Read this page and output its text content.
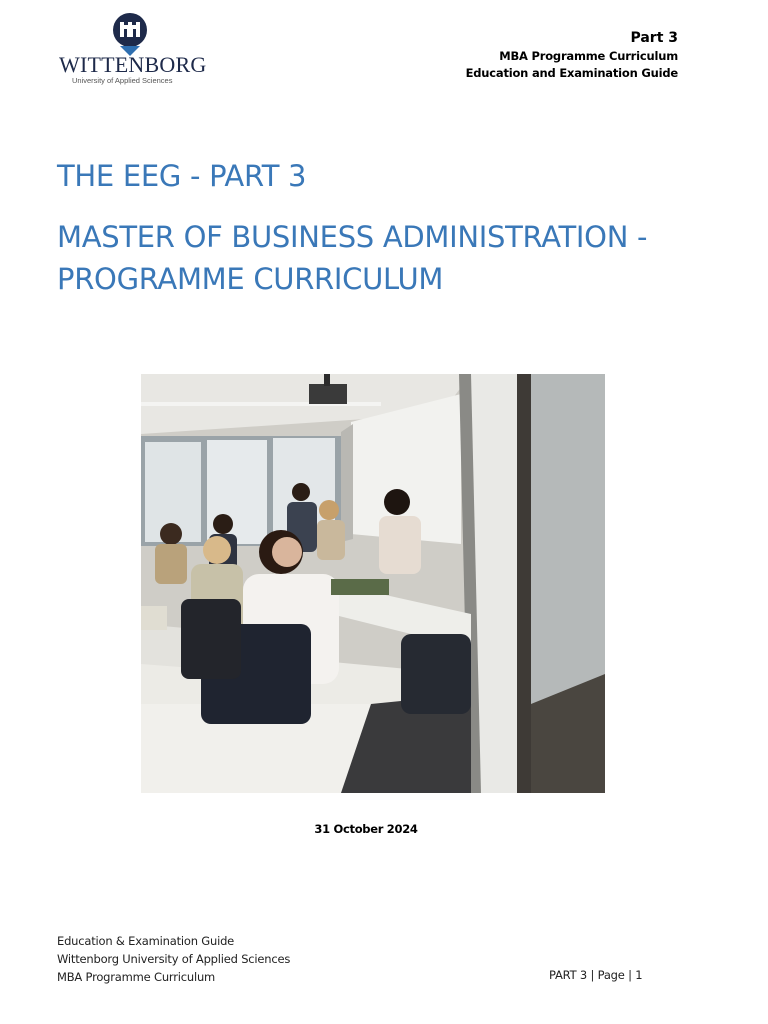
WITTENBORG
University of Applied Sciences
Part 3
MBA Programme Curriculum
Education and Examination Guide
THE EEG - PART 3
MASTER OF BUSINESS ADMINISTRATION -
PROGRAMME CURRICULUM
31 October 2024
Education & Examination Guide
Wittenborg University of Applied Sciences
MBA Programme Curriculum	PART 3 | Page | 1
